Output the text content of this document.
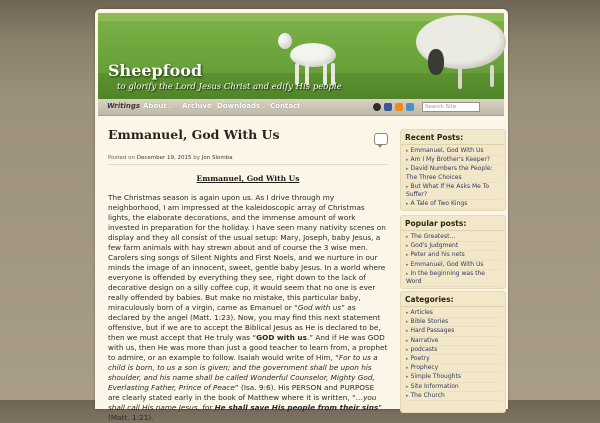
Sheepfood
to glorify the Lord Jesus Christ and edify His people
Writings About⌄ Archive Downloads⌄ Contact	Search Site
Emmanuel, God With Us
Posted on December 19, 2015 by Jon Slomba
Emmanuel, God With Us

The Christmas season is again upon us. As I drive through my neighborhood, I am impressed at the kaleidoscopic array of Christmas lights, the elaborate decorations, and the immense amount of work invested in preparation for the holiday. I have seen many nativity scenes on display and they all consist of the usual setup: Mary, Joseph, baby Jesus, a few farm animals with hay strewn about and of course the 3 wise men. Carolers sing songs of Silent Nights and First Noels, and we nurture in our minds the image of an innocent, sweet, gentle baby Jesus. In a world where everyone is offended by everything they see, right down to the lack of decorative design on a silly coffee cup, it would seem that no one is ever really offended by babies. But make no mistake, this particular baby, miraculously born of a virgin, came as Emanuel or “God with us” as declared by the angel (Matt. 1:23). Now, you may find this next statement offensive, but if we are to accept the Biblical Jesus as He is declared to be, then we must accept that He truly was “GOD with us.” And if He was GOD with us, then He was more than just a good teacher to learn from, a prophet to admire, or an example to follow. Isaiah would write of Him, “For to us a child is born, to us a son is given; and the government shall be upon his shoulder, and his name shall be called Wonderful Counselor, Mighty God, Everlasting Father, Prince of Peace” (Isa. 9:6). His PERSON and PURPOSE are clearly stated early in the book of Matthew where it is written, “…you shall call His name Jesus, for He shall save His people from their sins” (Matt. 1:21).

Recent Posts:
▸ Emmanuel, God With Us
▸ Am I My Brother's Keeper?
▸ David Numbers the People: The Three Choices
▸ But What If He Asks Me To Suffer?
▸ A Tale of Two Kings
Popular posts:
▸ The Greatest…
▸ God's Judgment
▸ Peter and his nets
▸ Emmanuel, God With Us
▸ In the beginning was the Word
Categories:
▸ Articles
▸ Bible Stories
▸ Hard Passages
▸ Narrative
▸ podcasts
▸ Poetry
▸ Prophecy
▸ Simple Thoughts
▸ Site Information
▸ The Church
